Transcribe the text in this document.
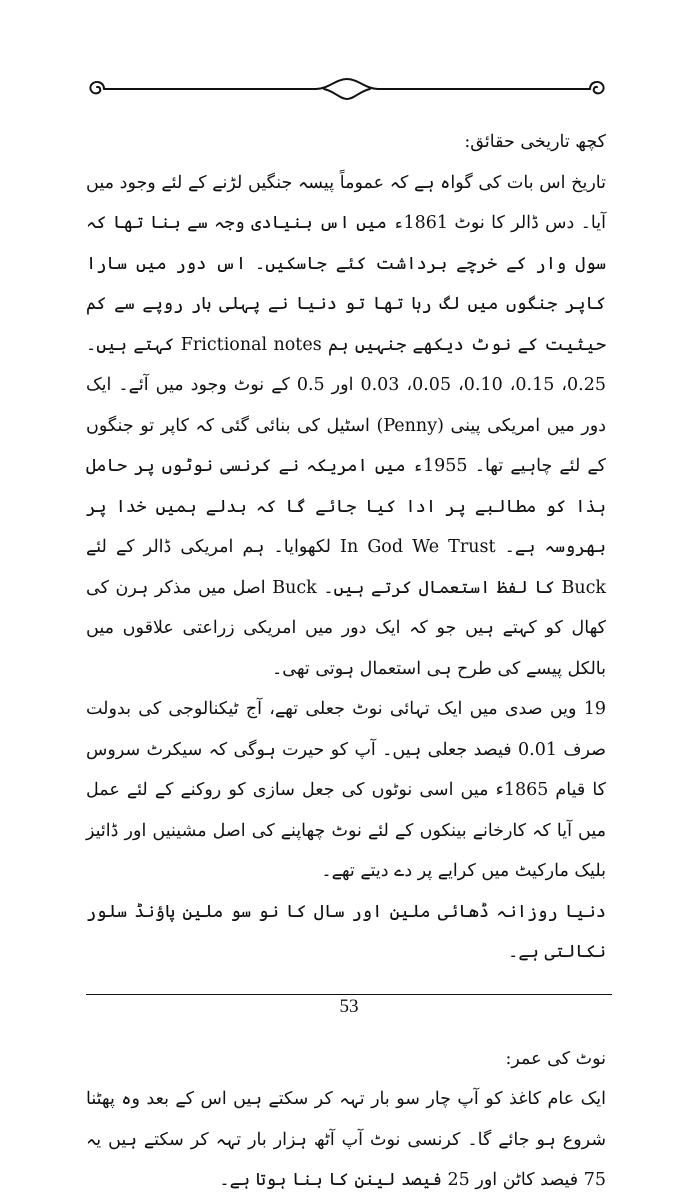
کچھ تاریخی حقائق:

تاریخ اس بات کی گواہ ہے کہ عموماً پیسہ جنگیں لڑنے کے لئے وجود میں آیا۔ دس ڈالر کا نوٹ 1861ء میں اس بنیادی وجہ سے بنا تھا کہ سول وار کے خرچے برداشت کئے جاسکیں۔ اس دور میں سارا کاپر جنگوں میں لگ رہا تھا تو دنیا نے پہلی بار روپے سے کم حیثیت کے نوٹ دیکھے جنہیں ہم Frictional notes کہتے ہیں۔ 0.25، 0.15، 0.10، 0.05، 0.03 اور 0.5 کے نوٹ وجود میں آئے۔ ایک دور میں امریکی پینی (Penny) اسٹیل کی بنائی گئی کہ کاپر تو جنگوں کے لئے چاہیے تھا۔ 1955ء میں امریکہ نے کرنسی نوٹوں پر حامل ہذا کو مطالبے پر ادا کیا جائے گا کہ بدلے ہمیں خدا پر بھروسہ ہے۔ In God We Trust لکھوایا۔ ہم امریکی ڈالر کے لئے Buck کا لفظ استعمال کرتے ہیں۔ Buck اصل میں مذکر ہرن کی کھال کو کہتے ہیں جو کہ ایک دور میں امریکی زراعتی علاقوں میں بالکل پیسے کی طرح ہی استعمال ہوتی تھی۔

19 ویں صدی میں ایک تہائی نوٹ جعلی تھے، آج ٹیکنالوجی کی بدولت صرف 0.01 فیصد جعلی ہیں۔ آپ کو حیرت ہوگی کہ سیکرٹ سروس کا قیام 1865ء میں اسی نوٹوں کی جعل سازی کو روکنے کے لئے عمل میں آیا کہ کارخانے بینکوں کے لئے نوٹ چھاپنے کی اصل مشینیں اور ڈائیز بلیک مارکیٹ میں کرایے پر دے دیتے تھے۔

دنیا روزانہ ڈھائی ملین اور سال کا نو سو ملین پاؤنڈ سلور نکالتی ہے۔

نوٹ کی عمر:

ایک عام کاغذ کو آپ چار سو بار تہہ کر سکتے ہیں اس کے بعد وہ پھٹنا شروع ہو جائے گا۔ کرنسی نوٹ آپ آٹھ ہزار بار تہہ کر سکتے ہیں یہ 75 فیصد کاٹن اور 25 فیصد لینن کا بنا ہوتا ہے۔

53
